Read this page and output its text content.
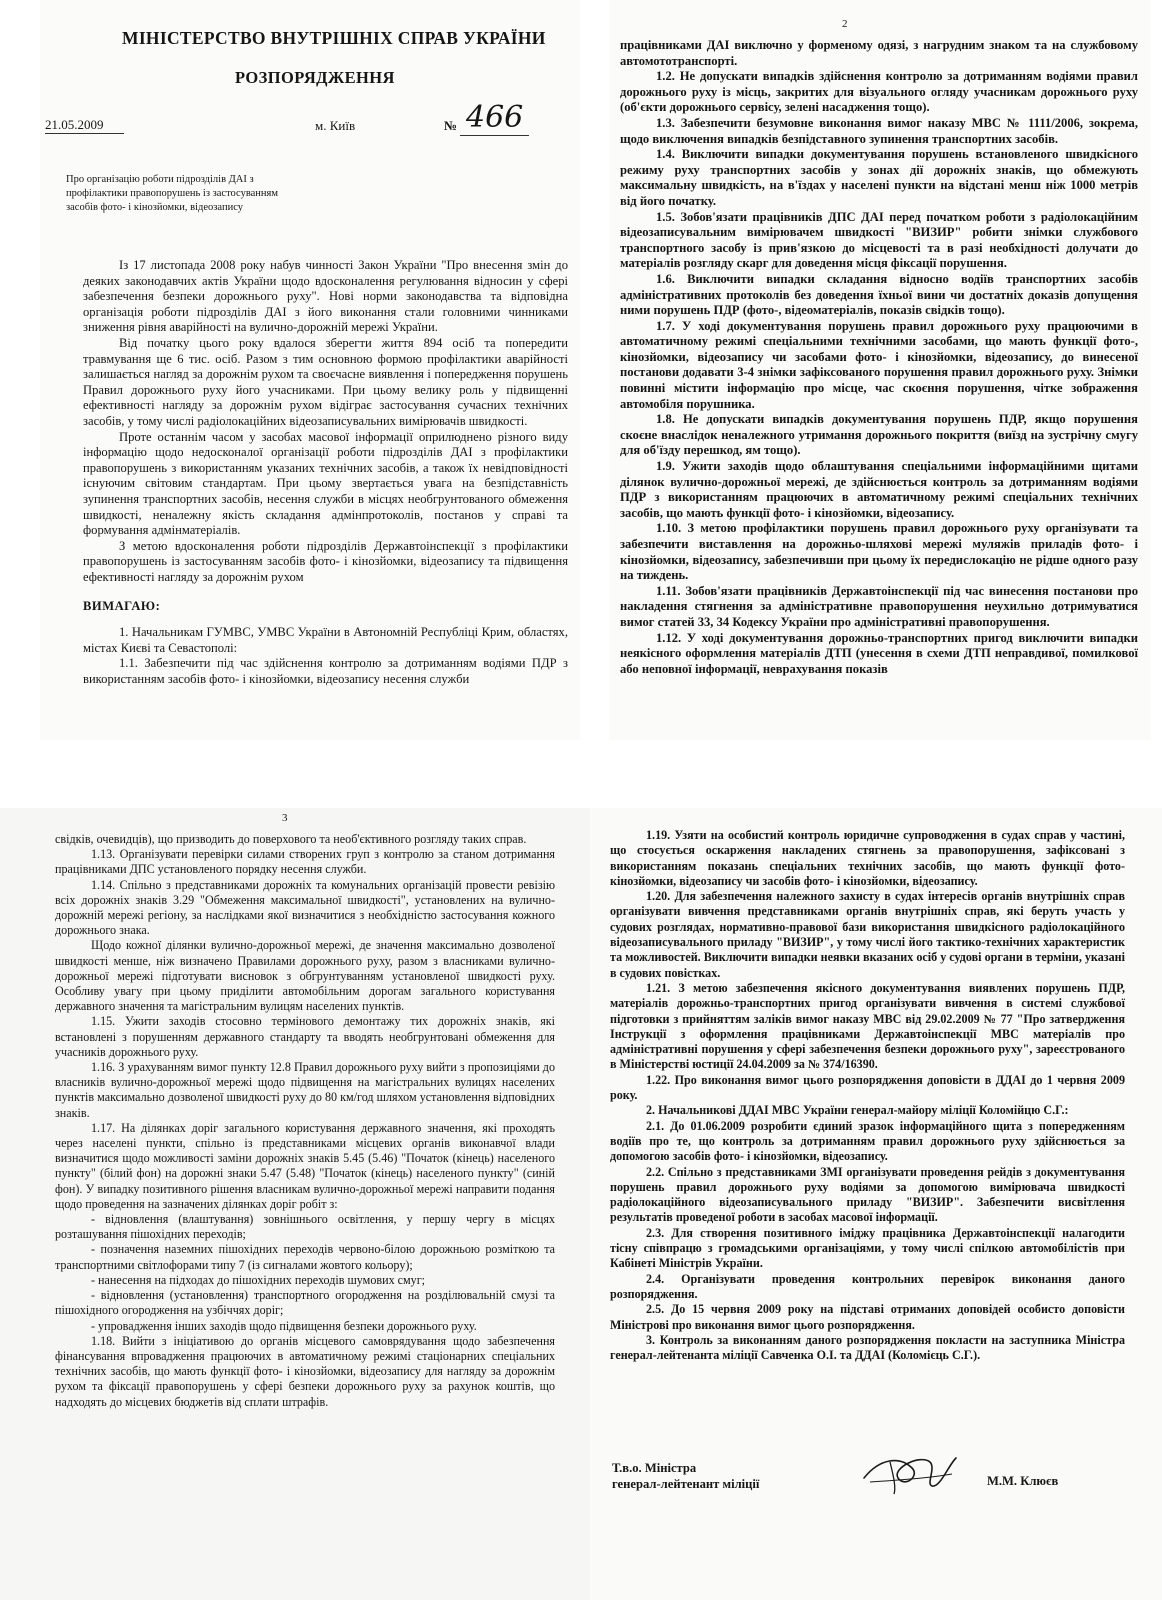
МІНІСТЕРСТВО ВНУТРІШНІХ СПРАВ УКРАЇНИ
РОЗПОРЯДЖЕННЯ
21.05.2009	м. Київ	№ 466
Про організацію роботи підрозділів ДАІ з профілактики правопорушень із застосуванням засобів фото- і кінозйомки, відеозапису

Із 17 листопада 2008 року набув чинності Закон України "Про внесення змін до деяких законодавчих актів України щодо вдосконалення регулювання відносин у сфері забезпечення безпеки дорожнього руху". Нові норми законодавства та відповідна організація роботи підрозділів ДАІ з його виконання стали головними чинниками зниження рівня аварійності на вулично-дорожній мережі України.

Від початку цього року вдалося зберегти життя 894 осіб та попередити травмування ще 6 тис. осіб. Разом з тим основною формою профілактики аварійності залишається нагляд за дорожнім рухом та своєчасне виявлення і попередження порушень Правил дорожнього руху його учасниками. При цьому велику роль у підвищенні ефективності нагляду за дорожнім рухом відіграє застосування сучасних технічних засобів, у тому числі радіолокаційних відеозаписувальних вимірювачів швидкості.

Проте останнім часом у засобах масової інформації оприлюднено різного виду інформацію щодо недосконалої організації роботи підрозділів ДАІ з профілактики правопорушень з використанням указаних технічних засобів, а також їх невідповідності існуючим світовим стандартам. При цьому звертається увага на безпідставність зупинення транспортних засобів, несення служби в місцях необгрунтованого обмеження швидкості, неналежну якість складання адмінпротоколів, постанов у справі та формування адмінматеріалів.

З метою вдосконалення роботи підрозділів Державтоінспекції з профілактики правопорушень із застосуванням засобів фото- і кінозйомки, відеозапису та підвищення ефективності нагляду за дорожнім рухом

ВИМАГАЮ:

1. Начальникам ГУМВС, УМВС України в Автономній Республіці Крим, областях, містах Києві та Севастополі:

1.1. Забезпечити під час здійснення контролю за дотриманням водіями ПДР з використанням засобів фото- і кінозйомки, відеозапису несення служби

2

працівниками ДАІ виключно у форменому одязі, з нагрудним знаком та на службовому автомототранспорті.

1.2. Не допускати випадків здійснення контролю за дотриманням водіями правил дорожнього руху із місць, закритих для візуального огляду учасникам дорожнього руху (об'єкти дорожнього сервісу, зелені насадження тощо).

1.3. Забезпечити безумовне виконання вимог наказу МВС № 1111/2006, зокрема, щодо виключення випадків безпідставного зупинення транспортних засобів.

1.4. Виключити випадки документування порушень встановленого швидкісного режиму руху транспортних засобів у зонах дії дорожніх знаків, що обмежують максимальну швидкість, на в'їздах у населені пункти на відстані менш ніж 1000 метрів від його початку.

1.5. Зобов'язати працівників ДПС ДАІ перед початком роботи з радіолокаційним відеозаписувальним вимірювачем швидкості "ВИЗИР" робити знімки службового транспортного засобу із прив'язкою до місцевості та в разі необхідності долучати до матеріалів розгляду скарг для доведення місця фіксації порушення.

1.6. Виключити випадки складання відносно водіїв транспортних засобів адміністративних протоколів без доведення їхньої вини чи достатніх доказів допущення ними порушень ПДР (фото-, відеоматеріалів, показів свідків тощо).

1.7. У ході документування порушень правил дорожнього руху працюючими в автоматичному режимі спеціальними технічними засобами, що мають функції фото-, кінозйомки, відеозапису чи засобами фото- і кінозйомки, відеозапису, до винесеної постанови додавати 3-4 знімки зафіксованого порушення правил дорожнього руху. Знімки повинні містити інформацію про місце, час скоєння порушення, чітке зображення автомобіля порушника.

1.8. Не допускати випадків документування порушень ПДР, якщо порушення скоєне внаслідок неналежного утримання дорожнього покриття (виїзд на зустрічну смугу для об'їзду перешкод, ям тощо).

1.9. Ужити заходів щодо облаштування спеціальними інформаційними щитами ділянок вулично-дорожньої мережі, де здійснюється контроль за дотриманням водіями ПДР з використанням працюючих в автоматичному режимі спеціальних технічних засобів, що мають функції фото- і кінозйомки, відеозапису.

1.10. З метою профілактики порушень правил дорожнього руху організувати та забезпечити виставлення на дорожньо-шляхові мережі муляжів приладів фото- і кінозйомки, відеозапису, забезпечивши при цьому їх передислокацію не рідше одного разу на тиждень.

1.11. Зобов'язати працівників Державтоінспекції під час винесення постанови про накладення стягнення за адміністративне правопорушення неухильно дотримуватися вимог статей 33, 34 Кодексу України про адміністративні правопорушення.

1.12. У ході документування дорожньо-транспортних пригод виключити випадки неякісного оформлення матеріалів ДТП (унесення в схеми ДТП неправдивої, помилкової або неповної інформації, неврахування показів

3

свідків, очевидців), що призводить до поверхового та необ'єктивного розгляду таких справ.

1.13. Організувати перевірки силами створених груп з контролю за станом дотримання працівниками ДПС установленого порядку несення служби.

1.14. Спільно з представниками дорожніх та комунальних організацій провести ревізію всіх дорожніх знаків 3.29 "Обмеження максимальної швидкості", установлених на вулично-дорожній мережі регіону, за наслідками якої визначитися з необхідністю застосування кожного дорожнього знака.

Щодо кожної ділянки вулично-дорожньої мережі, де значення максимально дозволеної швидкості менше, ніж визначено Правилами дорожнього руху, разом з власниками вулично-дорожньої мережі підготувати висновок з обгрунтуванням установленої швидкості руху. Особливу увагу при цьому приділити автомобільним дорогам загального користування державного значення та магістральним вулицям населених пунктів.

1.15. Ужити заходів стосовно термінового демонтажу тих дорожніх знаків, які встановлені з порушенням державного стандарту та вводять необгрунтовані обмеження для учасників дорожнього руху.

1.16. З урахуванням вимог пункту 12.8 Правил дорожнього руху вийти з пропозиціями до власників вулично-дорожньої мережі щодо підвищення на магістральних вулицях населених пунктів максимально дозволеної швидкості руху до 80 км/год шляхом установлення відповідних знаків.

1.17. На ділянках доріг загального користування державного значення, які проходять через населені пункти, спільно із представниками місцевих органів виконавчої влади визначитися щодо можливості заміни дорожніх знаків 5.45 (5.46) "Початок (кінець) населеного пункту" (білий фон) на дорожні знаки 5.47 (5.48) "Початок (кінець) населеного пункту" (синій фон). У випадку позитивного рішення власникам вулично-дорожньої мережі направити подання щодо проведення на зазначених ділянках доріг робіт з:

- відновлення (влаштування) зовнішнього освітлення, у першу чергу в місцях розташування пішохідних переходів;

- позначення наземних пішохідних переходів червоно-білою дорожньою розміткою та транспортними світлофорами типу 7 (із сигналами жовтого кольору);

- нанесення на підходах до пішохідних переходів шумових смуг;

- відновлення (установлення) транспортного огородження на розділювальній смузі та пішохідного огородження на узбіччях доріг;

- упровадження інших заходів щодо підвищення безпеки дорожнього руху.

1.18. Вийти з ініціативою до органів місцевого самоврядування щодо забезпечення фінансування впровадження працюючих в автоматичному режимі стаціонарних спеціальних технічних засобів, що мають функції фото- і кінозйомки, відеозапису для нагляду за дорожнім рухом та фіксації правопорушень у сфері безпеки дорожнього руху за рахунок коштів, що надходять до місцевих бюджетів від сплати штрафів.

1.19. Узяти на особистий контроль юридичне супроводження в судах справ у частині, що стосується оскарження накладених стягнень за правопорушення, зафіксовані з використанням показань спеціальних технічних засобів, що мають функції фото- кінозйомки, відеозапису чи засобів фото- і кінозйомки, відеозапису.

1.20. Для забезпечення належного захисту в судах інтересів органів внутрішніх справ організувати вивчення представниками органів внутрішніх справ, які беруть участь у судових розглядах, нормативно-правової бази використання швидкісного радіолокаційного відеозаписувального приладу "ВИЗИР", у тому числі його тактико-технічних характеристик та можливостей. Виключити випадки неявки вказаних осіб у судові органи в терміни, указані в судових повістках.

1.21. З метою забезпечення якісного документування виявлених порушень ПДР, матеріалів дорожньо-транспортних пригод організувати вивчення в системі службової підготовки з прийняттям заліків вимог наказу МВС від 29.02.2009 № 77 "Про затвердження Інструкції з оформлення працівниками Державтоінспекції МВС матеріалів про адміністративні порушення у сфері забезпечення безпеки дорожнього руху", зареєстрованого в Міністерстві юстиції 24.04.2009 за № 374/16390.

1.22. Про виконання вимог цього розпорядження доповісти в ДДАІ до 1 червня 2009 року.

2. Начальникові ДДАІ МВС України генерал-майору міліції Коломійцю С.Г.:

2.1. До 01.06.2009 розробити єдиний зразок інформаційного щита з попередженням водіїв про те, що контроль за дотриманням правил дорожнього руху здійснюється за допомогою засобів фото- і кінозйомки, відеозапису.

2.2. Спільно з представниками ЗМІ організувати проведення рейдів з документування порушень правил дорожнього руху водіями за допомогою вимірювача швидкості радіолокаційного відеозаписувального приладу "ВИЗИР". Забезпечити висвітлення результатів проведеної роботи в засобах масової інформації.

2.3. Для створення позитивного іміджу працівника Державтоінспекції налагодити тісну співпрацю з громадськими організаціями, у тому числі спілкою автомобілістів при Кабінеті Міністрів України.

2.4. Організувати проведення контрольних перевірок виконання даного розпорядження.

2.5. До 15 червня 2009 року на підставі отриманих доповідей особисто доповісти Міністрові про виконання вимог цього розпорядження.

3. Контроль за виконанням даного розпорядження покласти на заступника Міністра генерал-лейтенанта міліції Савченка О.І. та ДДАІ (Коломієць С.Г.).

Т.в.о. Міністра
генерал-лейтенант міліції	М.М. Клюєв
